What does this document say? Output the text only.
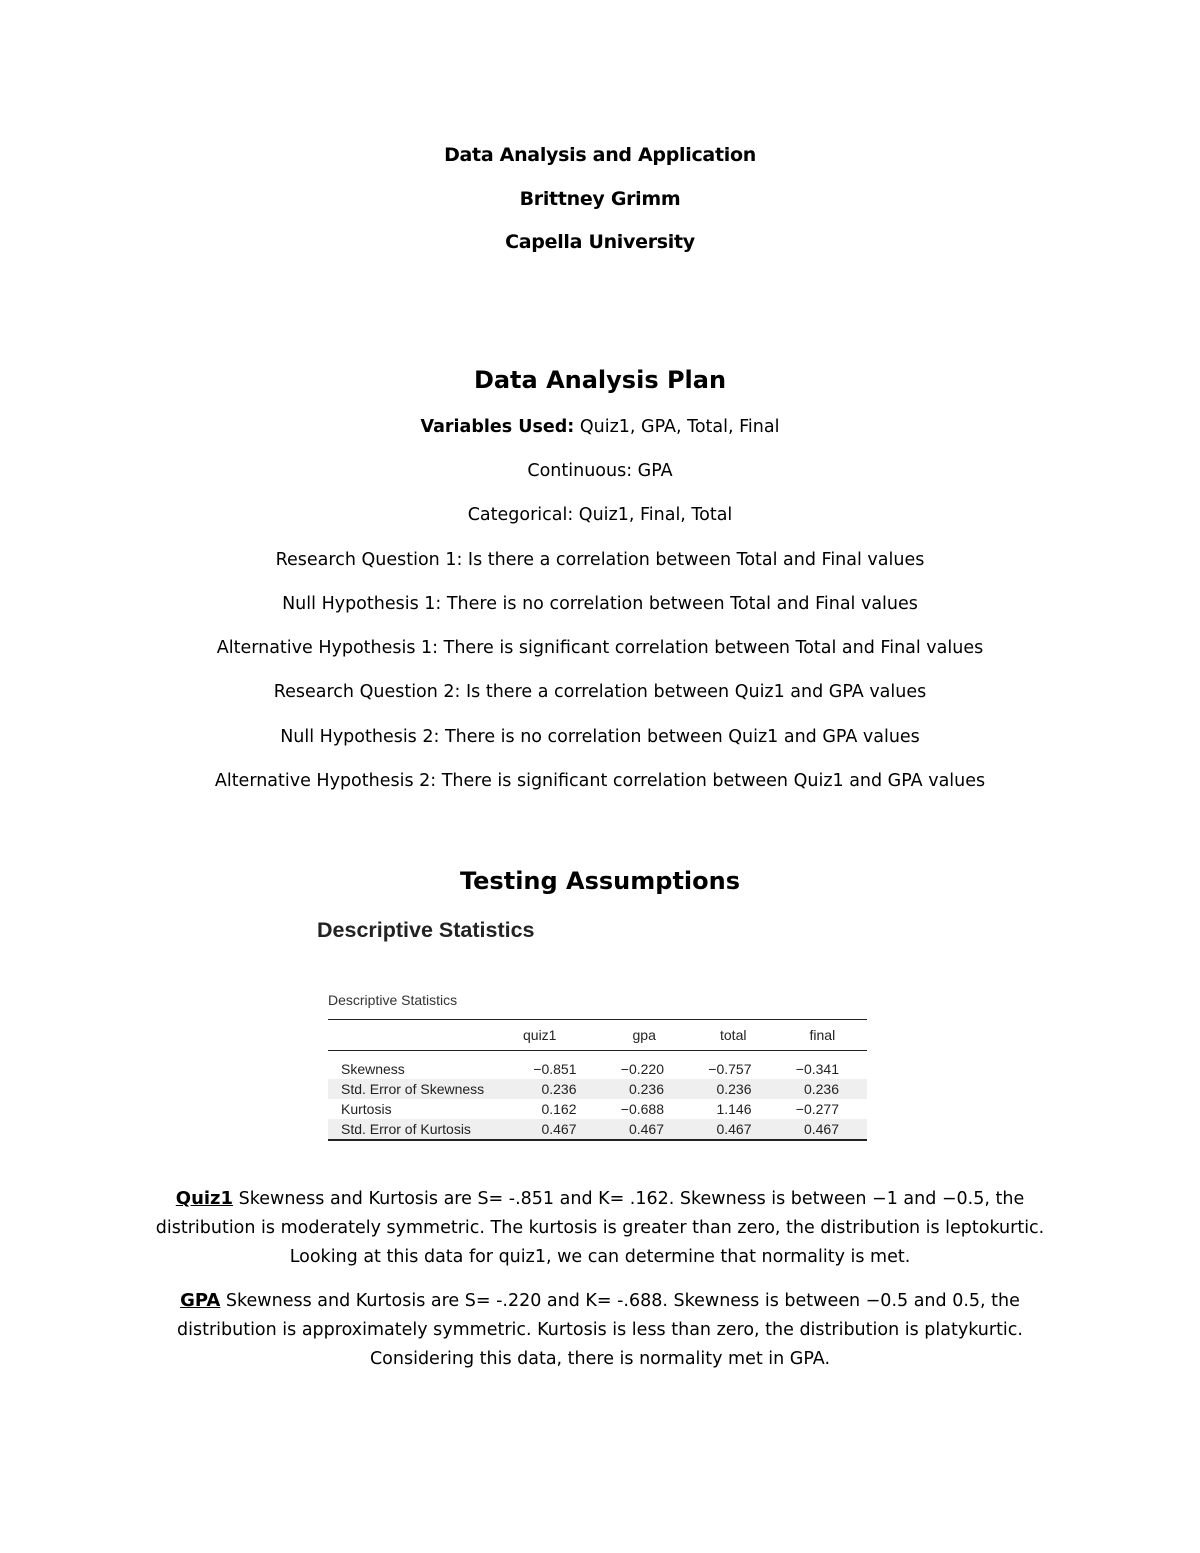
Data Analysis and Application
Brittney Grimm
Capella University
Data Analysis Plan
Variables Used: Quiz1, GPA, Total, Final
Continuous: GPA
Categorical: Quiz1, Final, Total
Research Question 1: Is there a correlation between Total and Final values
Null Hypothesis 1: There is no correlation between Total and Final values
Alternative Hypothesis 1: There is significant correlation between Total and Final values
Research Question 2: Is there a correlation between Quiz1 and GPA values
Null Hypothesis 2: There is no correlation between Quiz1 and GPA values
Alternative Hypothesis 2: There is significant correlation between Quiz1 and GPA values
Testing Assumptions
Descriptive Statistics
Descriptive Statistics
	quiz1	gpa	total	final

Skewness	−0.851	−0.220	−0.757	−0.341
Std. Error of Skewness	0.236	0.236	0.236	0.236
Kurtosis	0.162	−0.688	1.146	−0.277
Std. Error of Kurtosis	0.467	0.467	0.467	0.467
Quiz1 Skewness and Kurtosis are S= -.851 and K= .162. Skewness is between −1 and −0.5, the distribution is moderately symmetric. The kurtosis is greater than zero, the distribution is leptokurtic. Looking at this data for quiz1, we can determine that normality is met.
GPA Skewness and Kurtosis are S= -.220 and K= -.688. Skewness is between −0.5 and 0.5, the distribution is approximately symmetric. Kurtosis is less than zero, the distribution is platykurtic. Considering this data, there is normality met in GPA.
